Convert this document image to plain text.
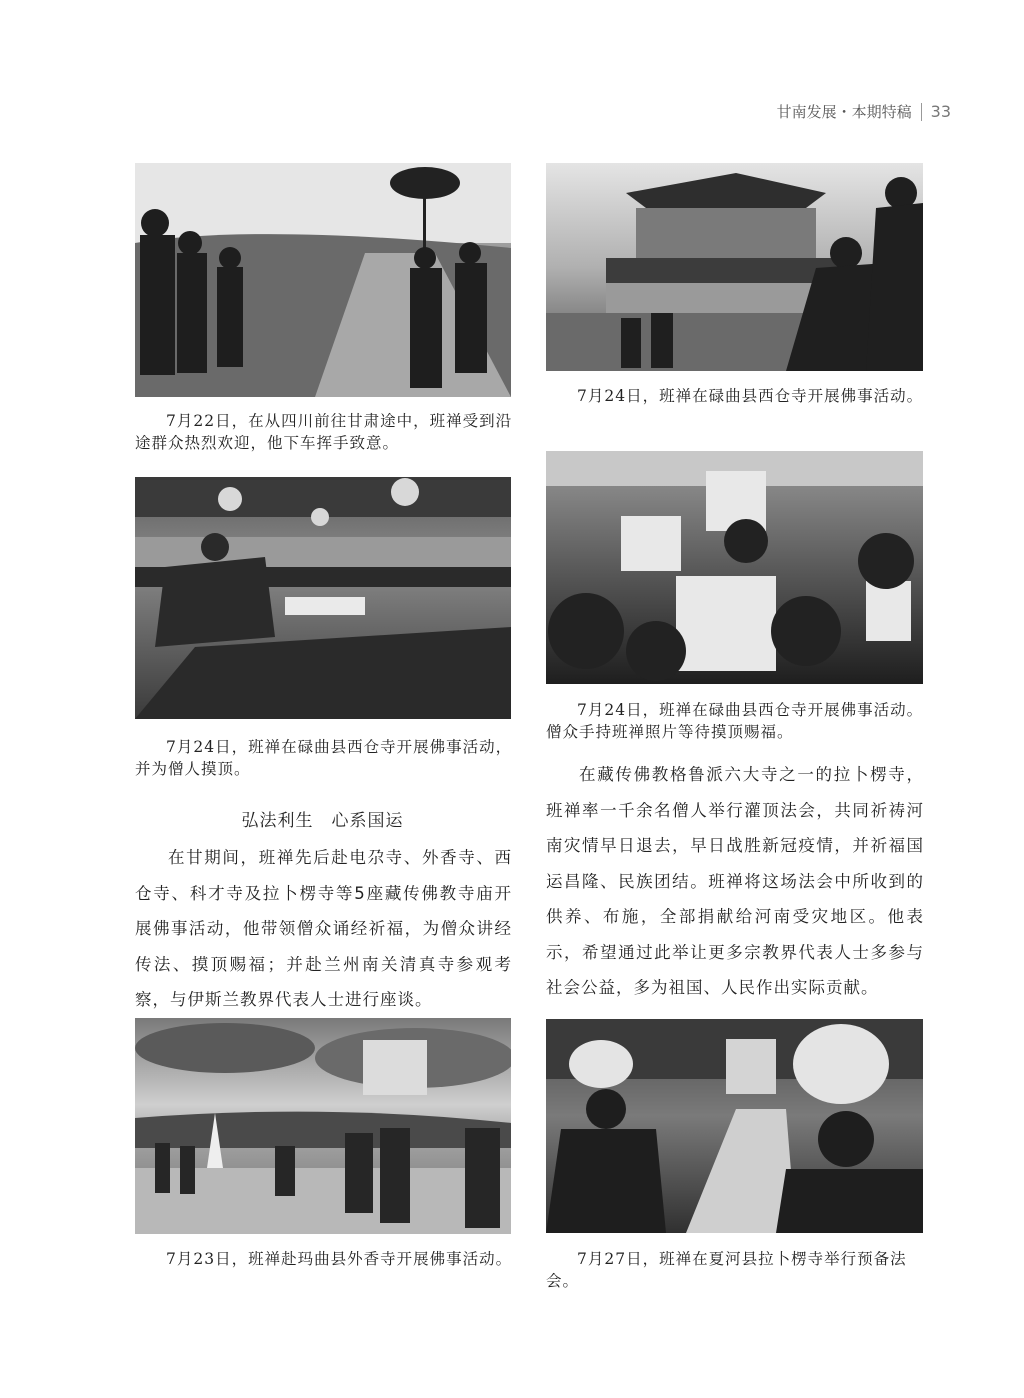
甘南发展・本期特稿 33
7月22日，在从四川前往甘肃途中，班禅受到沿途群众热烈欢迎，他下车挥手致意。
7月24日，班禅在碌曲县西仓寺开展佛事活动，并为僧人摸顶。
弘法利生　心系国运
在甘期间，班禅先后赴电尕寺、外香寺、西仓寺、科才寺及拉卜楞寺等5座藏传佛教寺庙开展佛事活动，他带领僧众诵经祈福，为僧众讲经传法、摸顶赐福；并赴兰州南关清真寺参观考察，与伊斯兰教界代表人士进行座谈。
7月23日，班禅赴玛曲县外香寺开展佛事活动。
7月24日，班禅在碌曲县西仓寺开展佛事活动。
7月24日，班禅在碌曲县西仓寺开展佛事活动。僧众手持班禅照片等待摸顶赐福。
在藏传佛教格鲁派六大寺之一的拉卜楞寺，班禅率一千余名僧人举行灌顶法会，共同祈祷河南灾情早日退去，早日战胜新冠疫情，并祈福国运昌隆、民族团结。班禅将这场法会中所收到的供养、布施，全部捐献给河南受灾地区。他表示，希望通过此举让更多宗教界代表人士多参与社会公益，多为祖国、人民作出实际贡献。
7月27日，班禅在夏河县拉卜楞寺举行预备法会。
